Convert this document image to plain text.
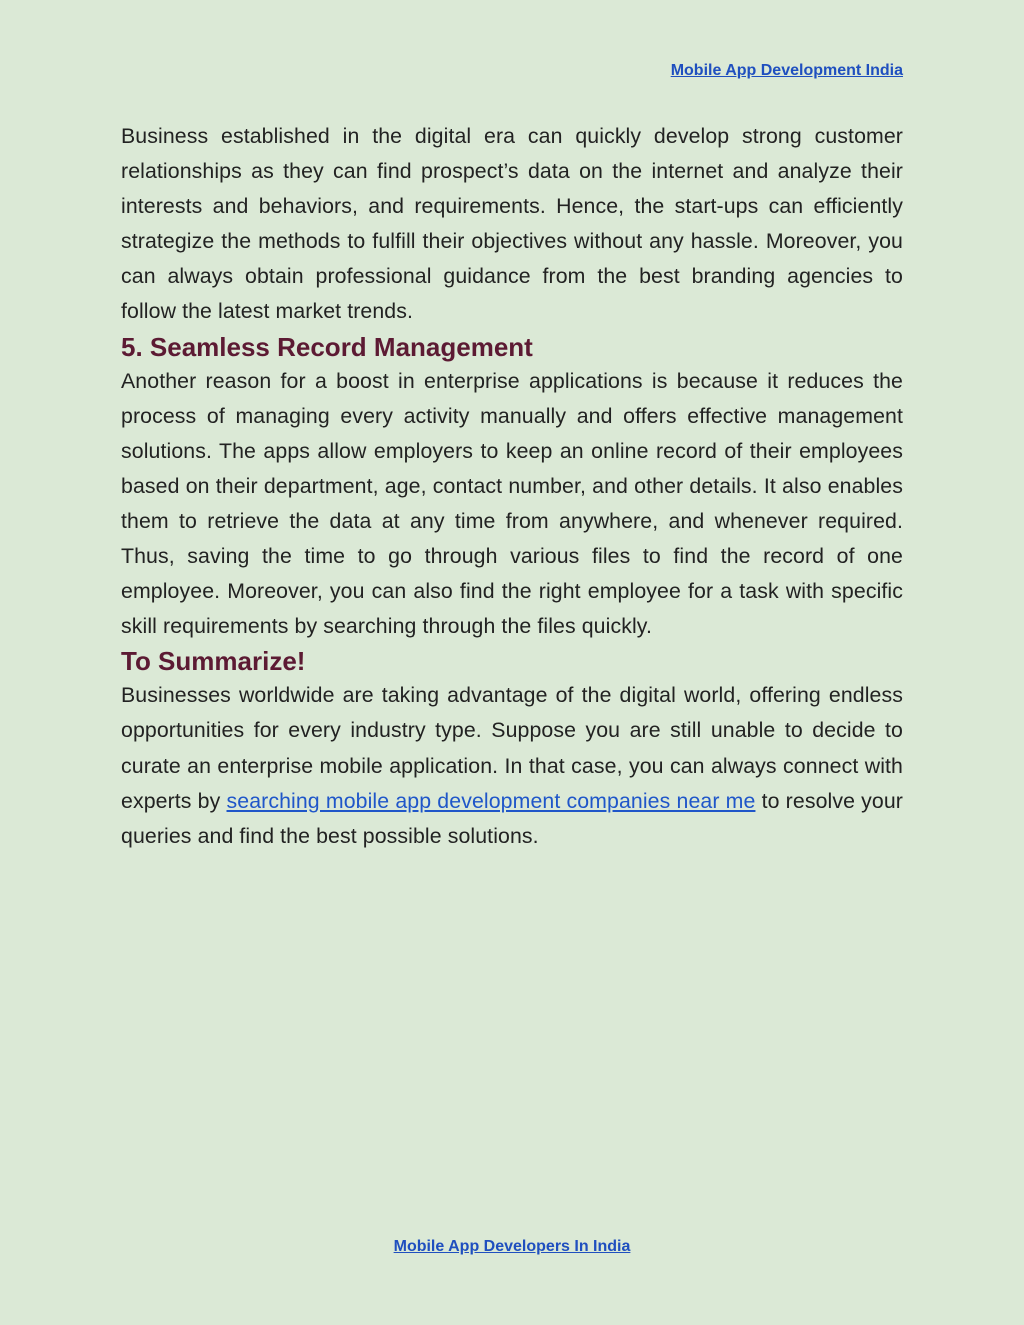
Mobile App Development India

Business established in the digital era can quickly develop strong customer relationships as they can find prospect’s data on the internet and analyze their interests and behaviors, and requirements. Hence, the start-ups can efficiently strategize the methods to fulfill their objectives without any hassle. Moreover, you can always obtain professional guidance from the best branding agencies to follow the latest market trends.

5. Seamless Record Management

Another reason for a boost in enterprise applications is because it reduces the process of managing every activity manually and offers effective management solutions. The apps allow employers to keep an online record of their employees based on their department, age, contact number, and other details. It also enables them to retrieve the data at any time from anywhere, and whenever required. Thus, saving the time to go through various files to find the record of one employee. Moreover, you can also find the right employee for a task with specific skill requirements by searching through the files quickly.

To Summarize!

Businesses worldwide are taking advantage of the digital world, offering endless opportunities for every industry type. Suppose you are still unable to decide to curate an enterprise mobile application. In that case, you can always connect with experts by searching mobile app development companies near me to resolve your queries and find the best possible solutions.

Mobile App Developers In India
